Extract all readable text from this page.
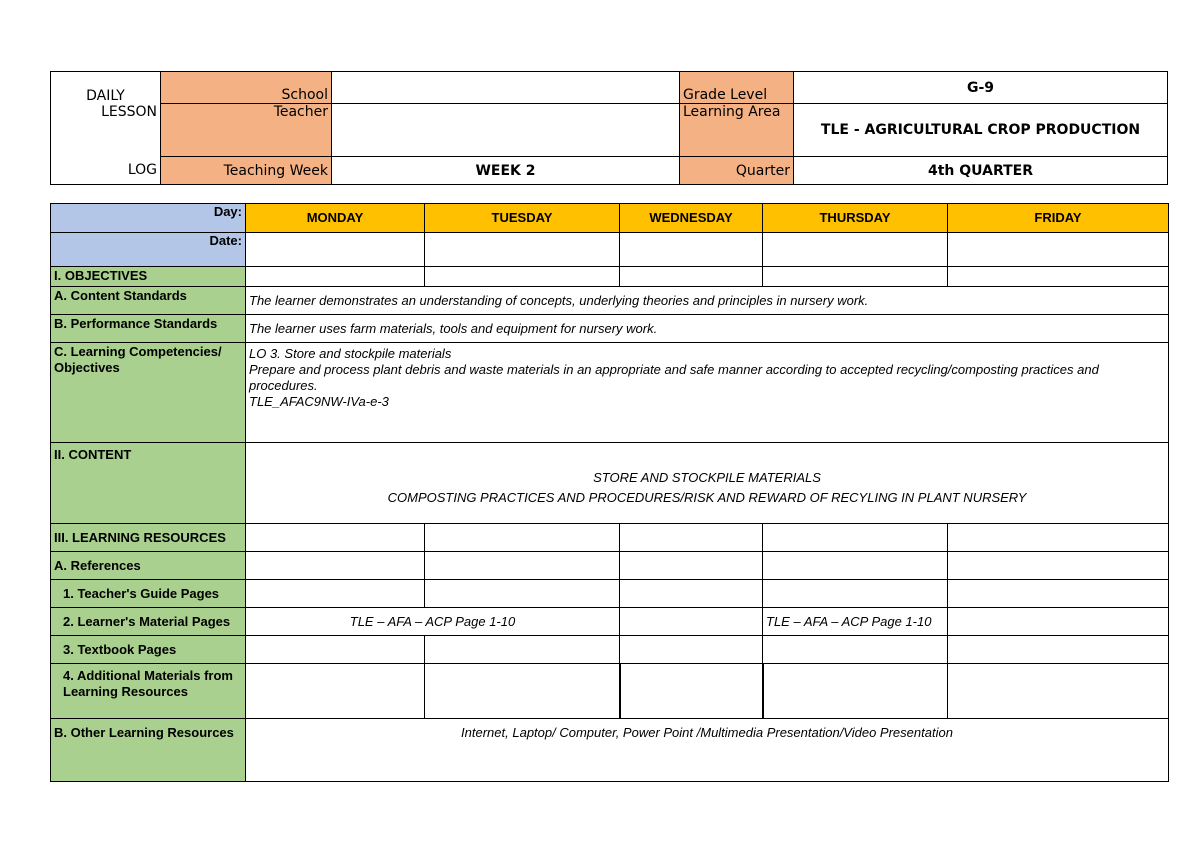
DAILY	School		Grade Level	G-9
LESSON	Teacher		Learning Area	TLE - AGRICULTURAL CROP PRODUCTION
LOG	Teaching Week	WEEK 2	Quarter	4th QUARTER
Day:	MONDAY	TUESDAY	WEDNESDAY	THURSDAY	FRIDAY
Date:					
I. OBJECTIVES					
A. Content Standards	The learner demonstrates an understanding of concepts, underlying theories and principles in nursery work.				
B. Performance Standards	The learner uses farm materials, tools and equipment for nursery work.				
C. Learning Competencies/ Objectives	LO 3. Store and stockpile materials
Prepare and process plant debris and waste materials in an appropriate and safe manner according to accepted recycling/composting practices and procedures.
TLE_AFAC9NW-IVa-e-3				

II. CONTENT	STORE AND STOCKPILE MATERIALS
COMPOSTING PRACTICES AND PROCEDURES/RISK AND REWARD OF RECYLING IN PLANT NURSERY				

III. LEARNING RESOURCES					
A. References					
1. Teacher's Guide Pages					
2. Learner's Material Pages	TLE – AFA – ACP Page 1-10			TLE – AFA – ACP Page 1-10	
3. Textbook Pages					
4. Additional Materials from Learning Resources					
B. Other Learning Resources	Internet, Laptop/ Computer, Power Point /Multimedia Presentation/Video Presentation				
